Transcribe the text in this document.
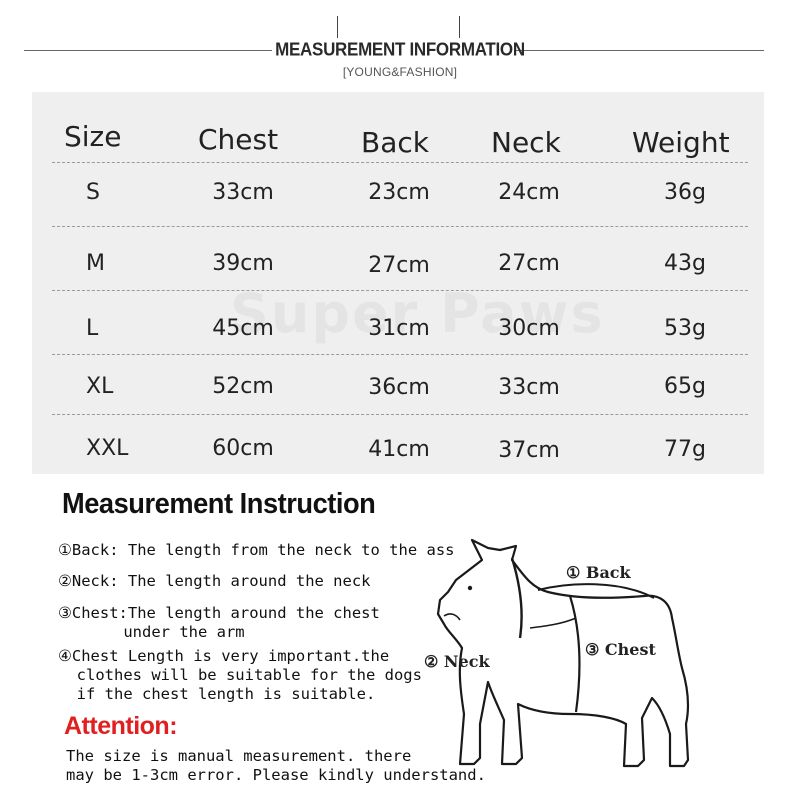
MEASUREMENT INFORMATION
[YOUNG&FASHION]
Size	Chest	Back Neck	Weight
S	33cm	23cm	24cm	36g
M	39cm	27cm	27cm	43g
L	45cm	31cm	30cm	53g
XL	52cm	36cm	33cm	65g
XXL	60cm	41cm	37cm	77g
Measurement Instruction
①Back: The length from the neck to the ass
②Neck: The length around the neck
③Chest:The length around the chest
under the arm
④Chest Length is very important.the
clothes will be suitable for the dogs
if the chest length is suitable.
Attention:
The size is manual measurement. there
may be 1-3cm error. Please kindly understand.
① Back
③ Chest
② Neck
